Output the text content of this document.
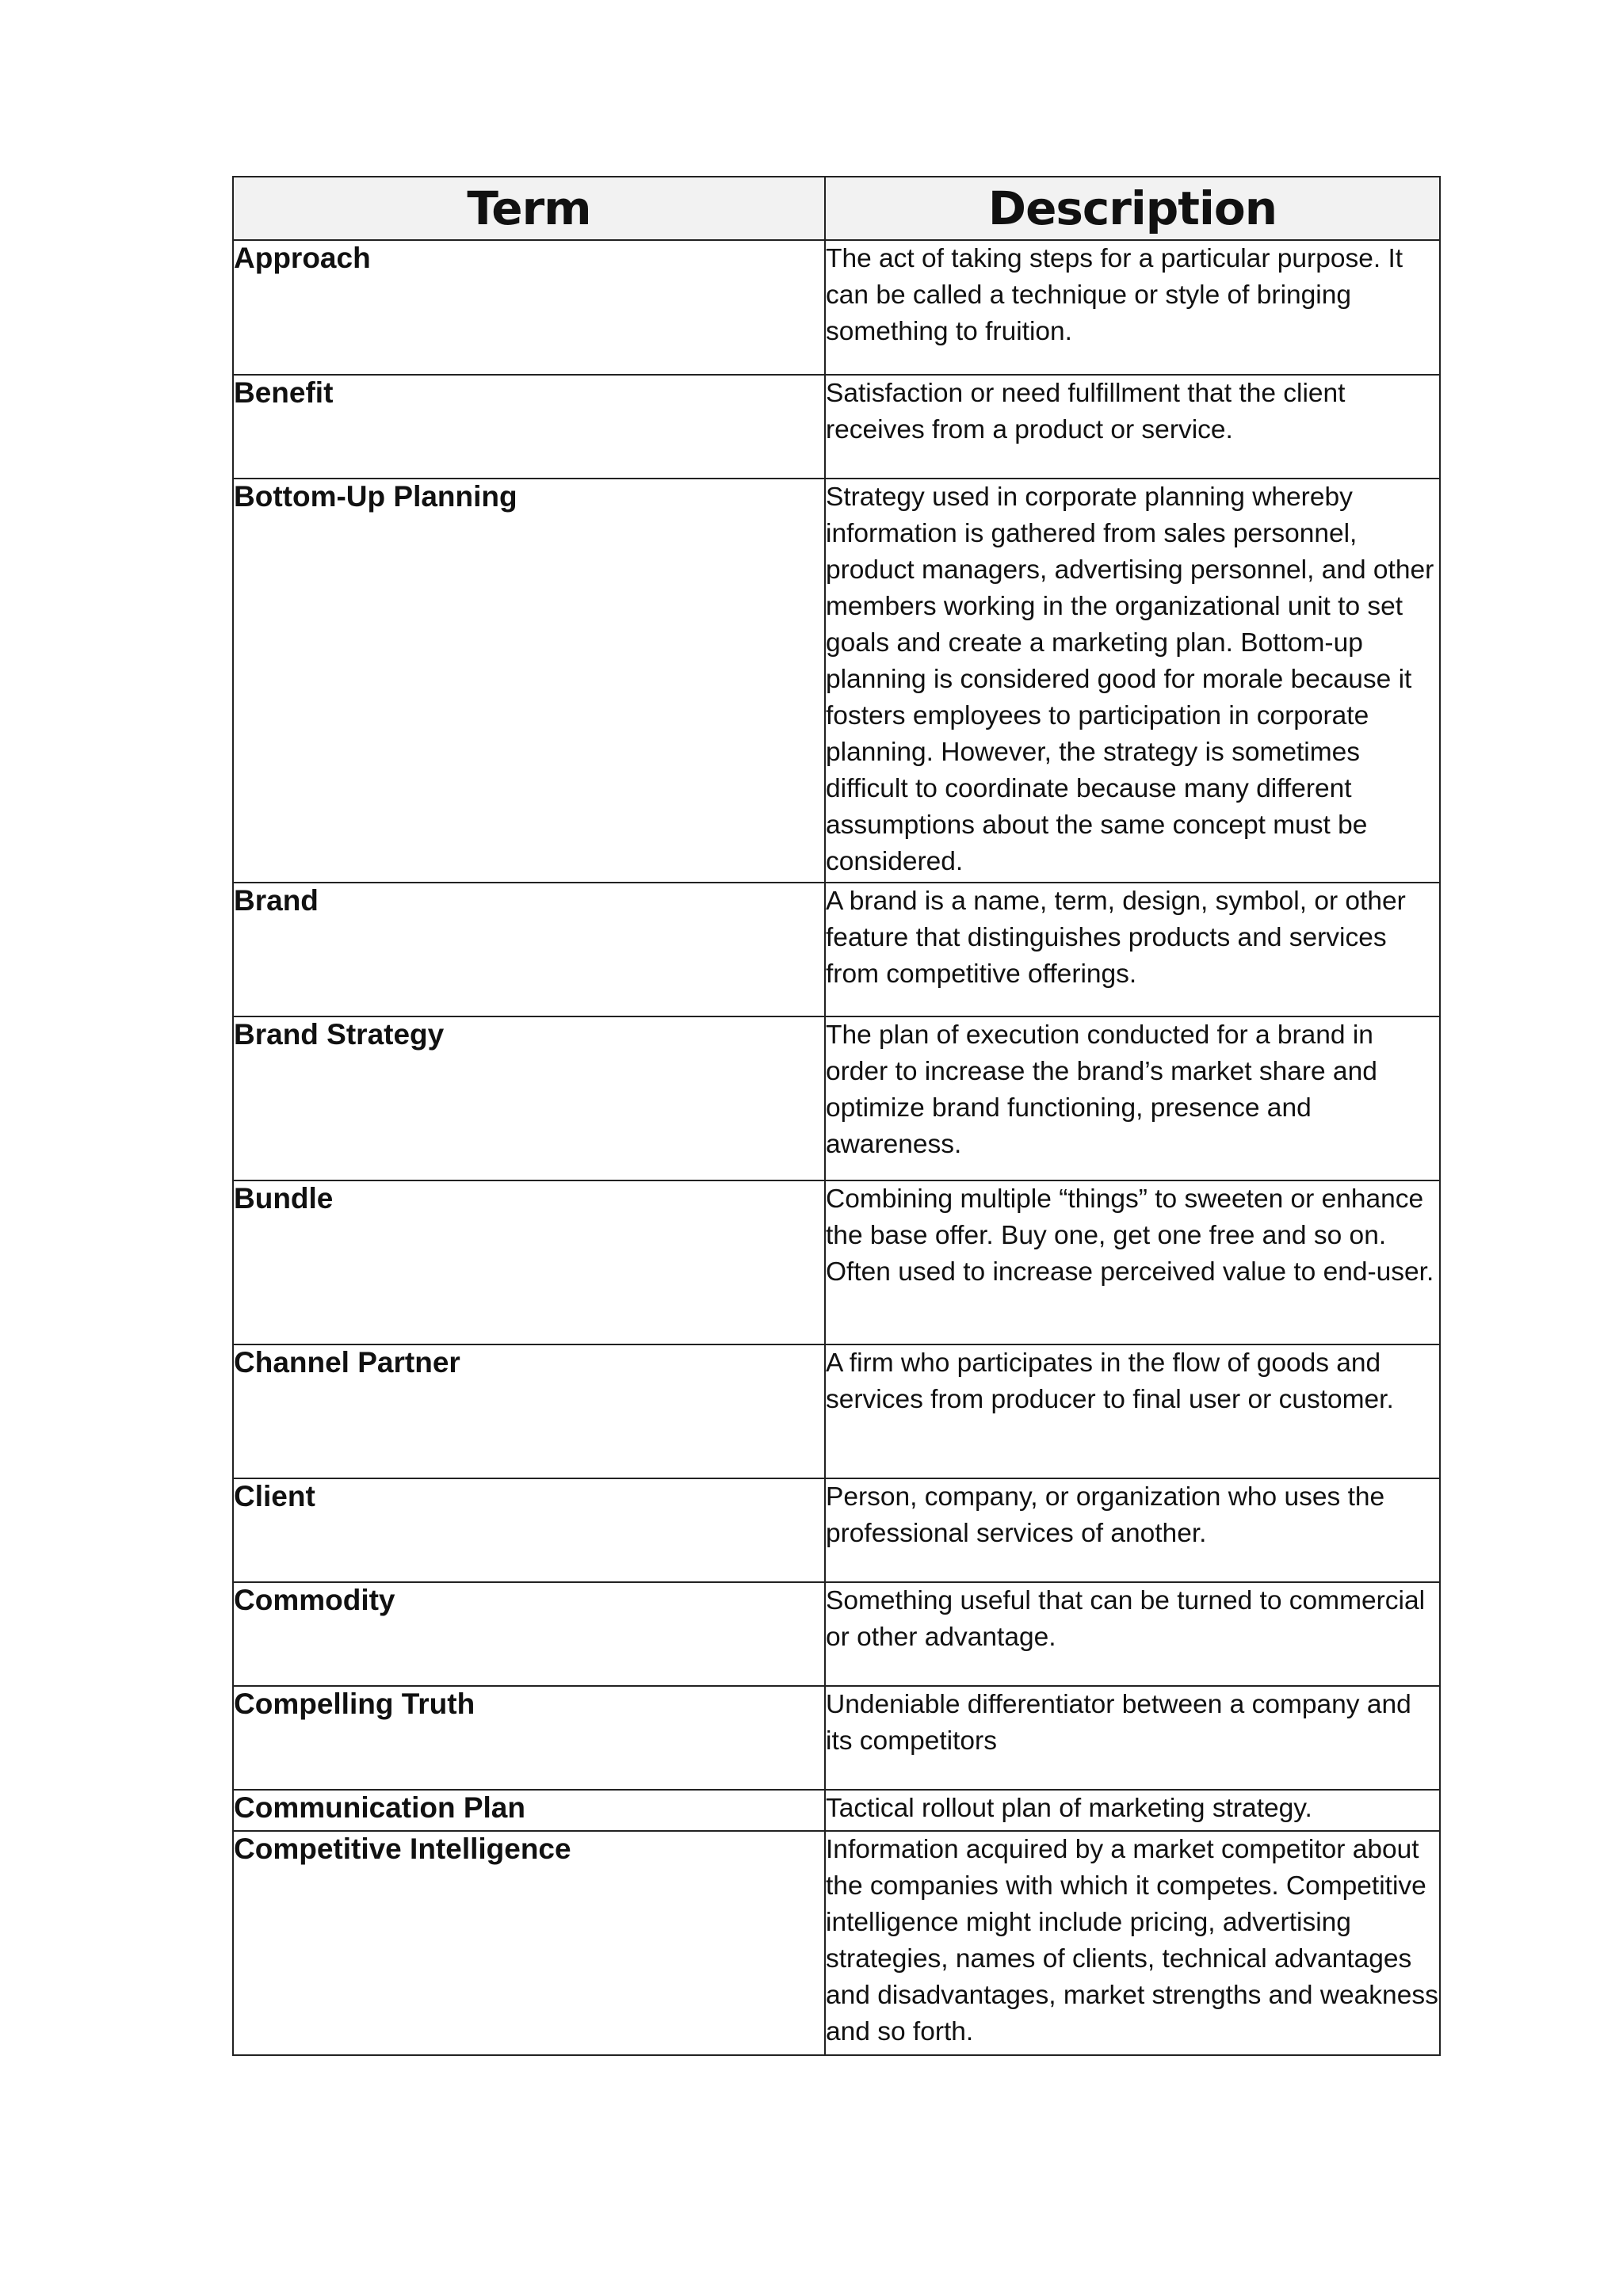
Term	Description
Approach	The act of taking steps for a particular purpose. It can be called a technique or style of bringing something to fruition.
Benefit	Satisfaction or need fulfillment that the client receives from a product or service.
Bottom-Up Planning	Strategy used in corporate planning whereby information is gathered from sales personnel, product managers, advertising personnel, and other members working in the organizational unit to set goals and create a marketing plan. Bottom-up planning is considered good for morale because it fosters employees to participation in corporate planning. However, the strategy is sometimes difficult to coordinate because many different assumptions about the same concept must be considered.
Brand	A brand is a name, term, design, symbol, or other feature that distinguishes products and services from competitive offerings.
Brand Strategy	The plan of execution conducted for a brand in order to increase the brand’s market share and optimize brand functioning, presence and awareness.
Bundle	Combining multiple “things” to sweeten or enhance the base offer. Buy one, get one free and so on. Often used to increase perceived value to end-user.
Channel Partner	A firm who participates in the flow of goods and services from producer to final user or customer.
Client	Person, company, or organization who uses the professional services of another.
Commodity	Something useful that can be turned to commercial or other advantage.
Compelling Truth	Undeniable differentiator between a company and its competitors
Communication Plan	Tactical rollout plan of marketing strategy.
Competitive Intelligence	Information acquired by a market competitor about the companies with which it competes. Competitive intelligence might include pricing, advertising strategies, names of clients, technical advantages and disadvantages, market strengths and weakness and so forth.
